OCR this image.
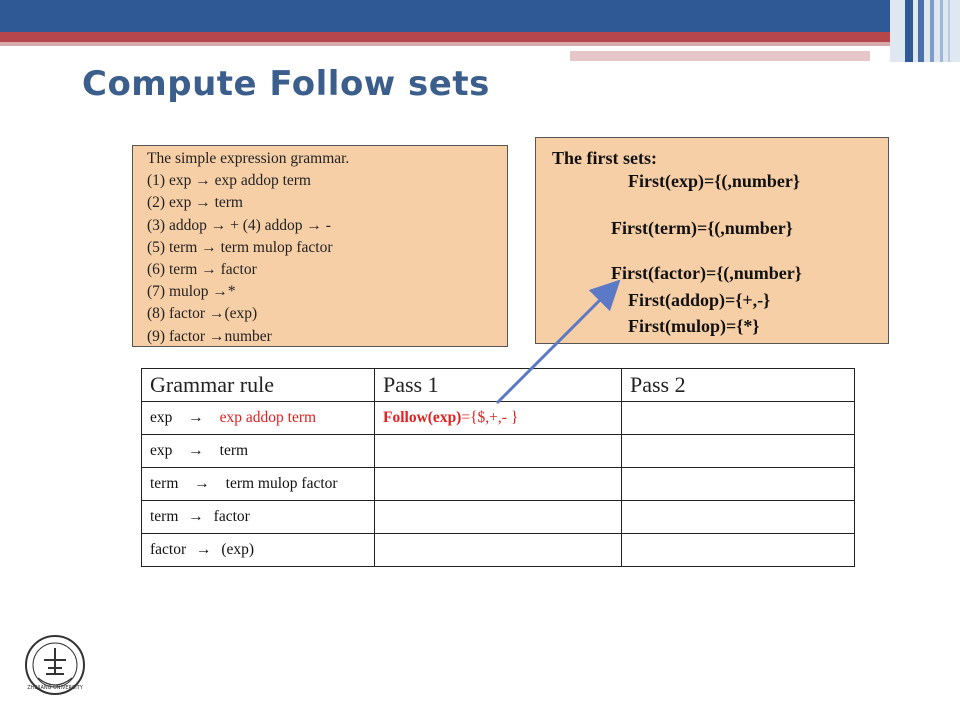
Compute Follow sets
The simple expression grammar.
(1) exp → exp addop term
(2) exp → term
(3) addop → + (4) addop → -
(5) term → term mulop factor
(6) term → factor
(7) mulop →*
(8) factor →(exp)
(9) factor →number
The first sets:
First(exp)={(,number}
First(term)={(,number}
First(factor)={(,number}
First(addop)={+,-}
First(mulop)={*}
Grammar rule	Pass 1	Pass 2
exp → exp addop term	Follow(exp)={$,+,- }	
exp → term		
term → term mulop factor		
term → factor		
factor → (exp)		
ZHEJIANG UNIVERSITY
